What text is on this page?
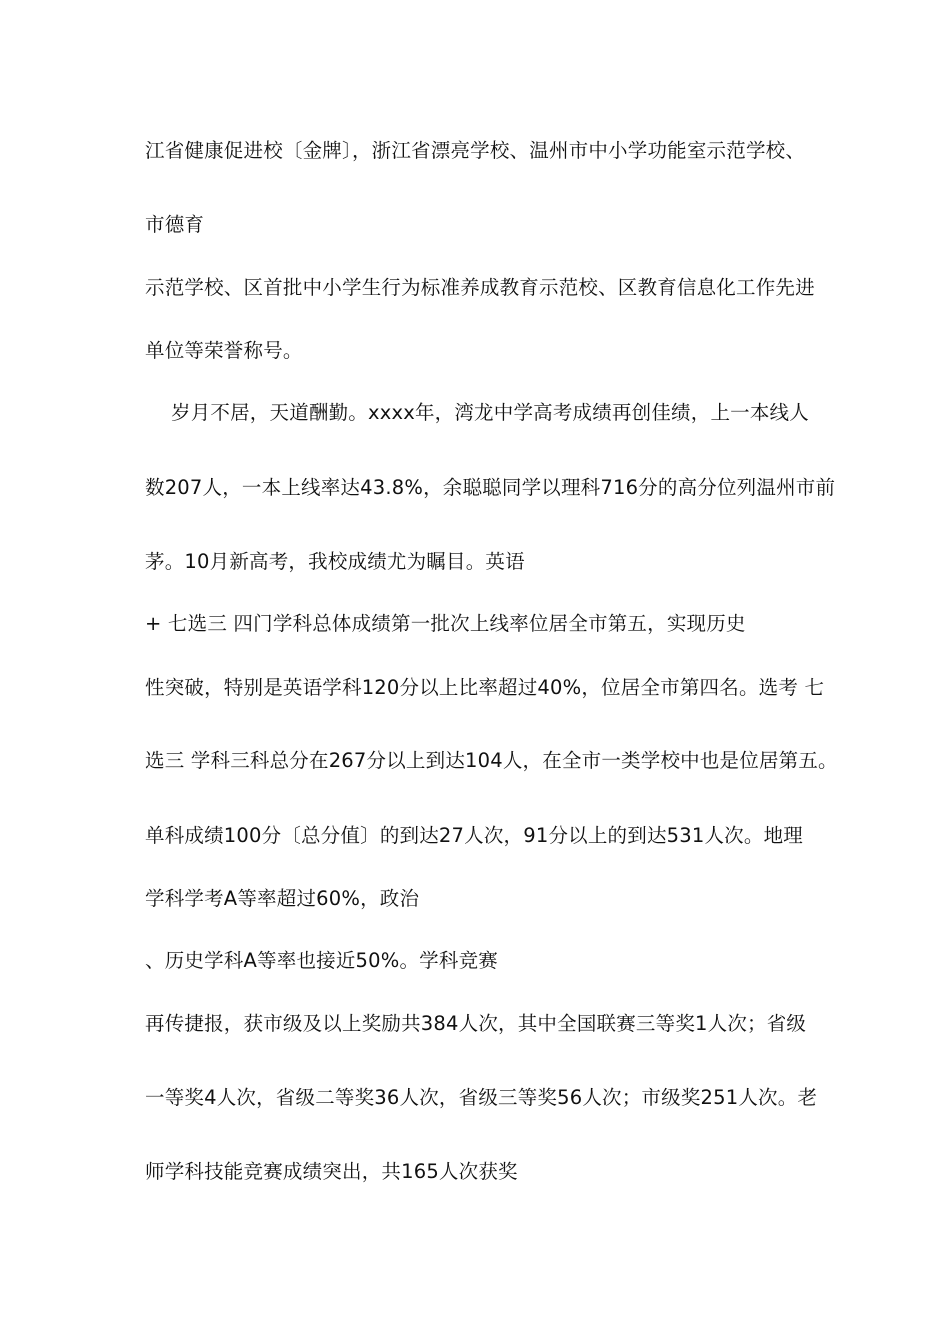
江省健康促进校〔金牌〕，浙江省漂亮学校、温州市中小学功能室示范学校、
市德育
示范学校、区首批中小学生行为标准养成教育示范校、区教育信息化工作先进
单位等荣誉称号。
岁月不居，天道酬勤。xxxx年，湾龙中学高考成绩再创佳绩，上一本线人
数207人，一本上线率达43.8%，余聪聪同学以理科716分的高分位列温州市前
茅。10月新高考，我校成绩尤为瞩目。英语
+ 七选三 四门学科总体成绩第一批次上线率位居全市第五，实现历史
性突破，特别是英语学科120分以上比率超过40%，位居全市第四名。选考 七
选三 学科三科总分在267分以上到达104人，在全市一类学校中也是位居第五。
单科成绩100分〔总分值〕的到达27人次，91分以上的到达531人次。地理
学科学考A等率超过60%，政治
、历史学科A等率也接近50%。学科竞赛
再传捷报，获市级及以上奖励共384人次，其中全国联赛三等奖1人次；省级
一等奖4人次，省级二等奖36人次，省级三等奖56人次；市级奖251人次。老
师学科技能竞赛成绩突出，共165人次获奖
